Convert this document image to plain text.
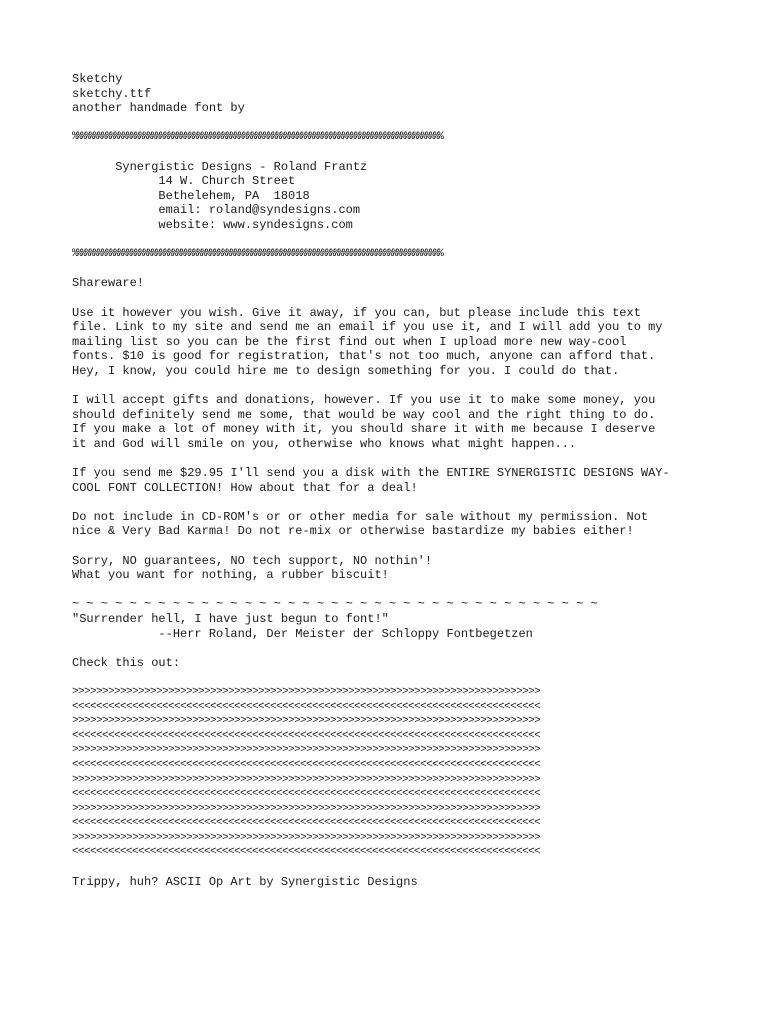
Sketchy
sketchy.ttf
another handmade font by
%%%%%%%%%%%%%%%%%%%%%%%%%%%%%%%%%%%%%%%%%%%%%%%%%%%%%%%%%%%%%%%%%%%%%%%%%%%%%%%%%%%%%%%%%
Synergistic Designs - Roland Frantz
14 W. Church Street
Bethelehem, PA  18018
email: roland@syndesigns.com
website: www.syndesigns.com
%%%%%%%%%%%%%%%%%%%%%%%%%%%%%%%%%%%%%%%%%%%%%%%%%%%%%%%%%%%%%%%%%%%%%%%%%%%%%%%%%%%%%%%%%
Shareware!
Use it however you wish. Give it away, if you can, but please include this text
file. Link to my site and send me an email if you use it, and I will add you to my
mailing list so you can be the first find out when I upload more new way-cool
fonts. $10 is good for registration, that's not too much, anyone can afford that.
Hey, I know, you could hire me to design something for you. I could do that.
I will accept gifts and donations, however. If you use it to make some money, you
should definitely send me some, that would be way cool and the right thing to do.
If you make a lot of money with it, you should share it with me because I deserve
it and God will smile on you, otherwise who knows what might happen...
If you send me $29.95 I'll send you a disk with the ENTIRE SYNERGISTIC DESIGNS WAY-
COOL FONT COLLECTION! How about that for a deal!
Do not include in CD-ROM's or or other media for sale without my permission. Not
nice & Very Bad Karma! Do not re-mix or otherwise bastardize my babies either!
Sorry, NO guarantees, NO tech support, NO nothin'!
What you want for nothing, a rubber biscuit!
~ ~ ~ ~ ~ ~ ~ ~ ~ ~ ~ ~ ~ ~ ~ ~ ~ ~ ~ ~ ~ ~ ~ ~ ~ ~ ~ ~ ~ ~ ~ ~ ~ ~ ~ ~ ~
"Surrender hell, I have just begun to font!"
--Herr Roland, Der Meister der Schloppy Fontbegetzen
Check this out:
>>>>>>>>>>>>>>>>>>>>>>>>>>>>>>>>>>>>>>>>>>>>>>>>>>>>>>>>>>>>>>>>>>>>>>>>>>>>>>
<<<<<<<<<<<<<<<<<<<<<<<<<<<<<<<<<<<<<<<<<<<<<<<<<<<<<<<<<<<<<<<<<<<<<<<<<<<<<<
>>>>>>>>>>>>>>>>>>>>>>>>>>>>>>>>>>>>>>>>>>>>>>>>>>>>>>>>>>>>>>>>>>>>>>>>>>>>>>
<<<<<<<<<<<<<<<<<<<<<<<<<<<<<<<<<<<<<<<<<<<<<<<<<<<<<<<<<<<<<<<<<<<<<<<<<<<<<<
>>>>>>>>>>>>>>>>>>>>>>>>>>>>>>>>>>>>>>>>>>>>>>>>>>>>>>>>>>>>>>>>>>>>>>>>>>>>>>
<<<<<<<<<<<<<<<<<<<<<<<<<<<<<<<<<<<<<<<<<<<<<<<<<<<<<<<<<<<<<<<<<<<<<<<<<<<<<<
>>>>>>>>>>>>>>>>>>>>>>>>>>>>>>>>>>>>>>>>>>>>>>>>>>>>>>>>>>>>>>>>>>>>>>>>>>>>>>
<<<<<<<<<<<<<<<<<<<<<<<<<<<<<<<<<<<<<<<<<<<<<<<<<<<<<<<<<<<<<<<<<<<<<<<<<<<<<<
>>>>>>>>>>>>>>>>>>>>>>>>>>>>>>>>>>>>>>>>>>>>>>>>>>>>>>>>>>>>>>>>>>>>>>>>>>>>>>
<<<<<<<<<<<<<<<<<<<<<<<<<<<<<<<<<<<<<<<<<<<<<<<<<<<<<<<<<<<<<<<<<<<<<<<<<<<<<<
>>>>>>>>>>>>>>>>>>>>>>>>>>>>>>>>>>>>>>>>>>>>>>>>>>>>>>>>>>>>>>>>>>>>>>>>>>>>>>
<<<<<<<<<<<<<<<<<<<<<<<<<<<<<<<<<<<<<<<<<<<<<<<<<<<<<<<<<<<<<<<<<<<<<<<<<<<<<<
Trippy, huh? ASCII Op Art by Synergistic Designs
